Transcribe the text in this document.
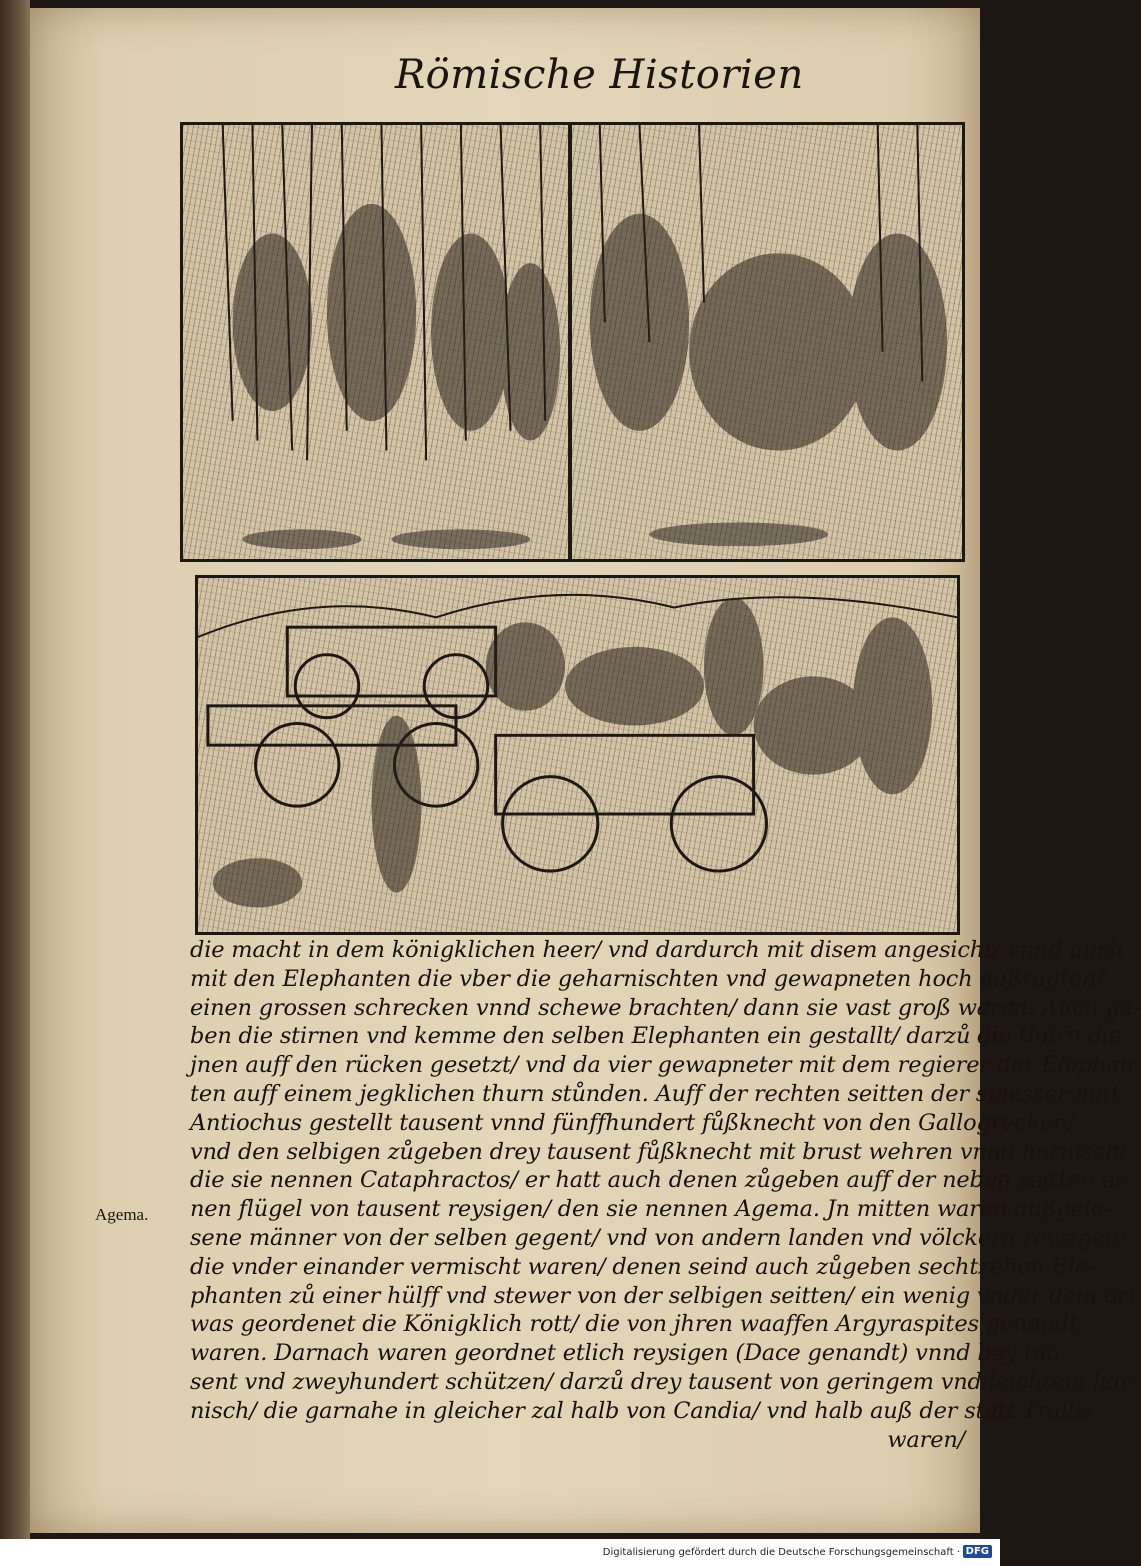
Römische Historien
die macht in dem königklichen heer/ vnd dardurch mit disem angesicht/ vnnd auch
mit den Elephanten die vber die geharnischten vnd gewapneten hoch außragten/
einen grossen schrecken vnnd schewe brachten/ dann sie vast groß waren. Auch ga-
ben die stirnen vnd kemme den selben Elephanten ein gestallt/ darzů die thürn die
jnen auff den rücken gesetzt/ vnd da vier gewapneter mit dem regierer der Elephan
ten auff einem jegklichen thurn stůnden. Auff der rechten seitten der spiesser hatt
Antiochus gestellt tausent vnnd fünffhundert fůßknecht von den Gallogrecken/
vnd den selbigen zůgeben drey tausent fůßknecht mit brust wehren vnnd harnisch/
die sie nennen Cataphractos/ er hatt auch denen zůgeben auff der neben seitten ei-
nen flügel von tausent reysigen/ den sie nennen Agema. Jn mitten waren außgele-
sene männer von der selben gegent/ vnd von andern landen vnd völckern reysigen/
die vnder einander vermischt waren/ denen seind auch zůgeben sechtzehen Ele-
phanten zů einer hülff vnd stewer von der selbigen seitten/ ein wenig vnder dem ort
was geordenet die Königklich rott/ die von jhren waaffen Argyraspites genandt
waren. Darnach waren geordnet etlich reysigen (Dace genandt) vnnd bey tau-
sent vnd zweyhundert schützen/ darzů drey tausent von geringem vnd leichtem har
nisch/ die garnahe in gleicher zal halb von Candia/ vnd halb auß der statt Trallis
waren/
Agema.
Digitalisierung gefördert durch die Deutsche Forschungsgemeinschaft · DFG
